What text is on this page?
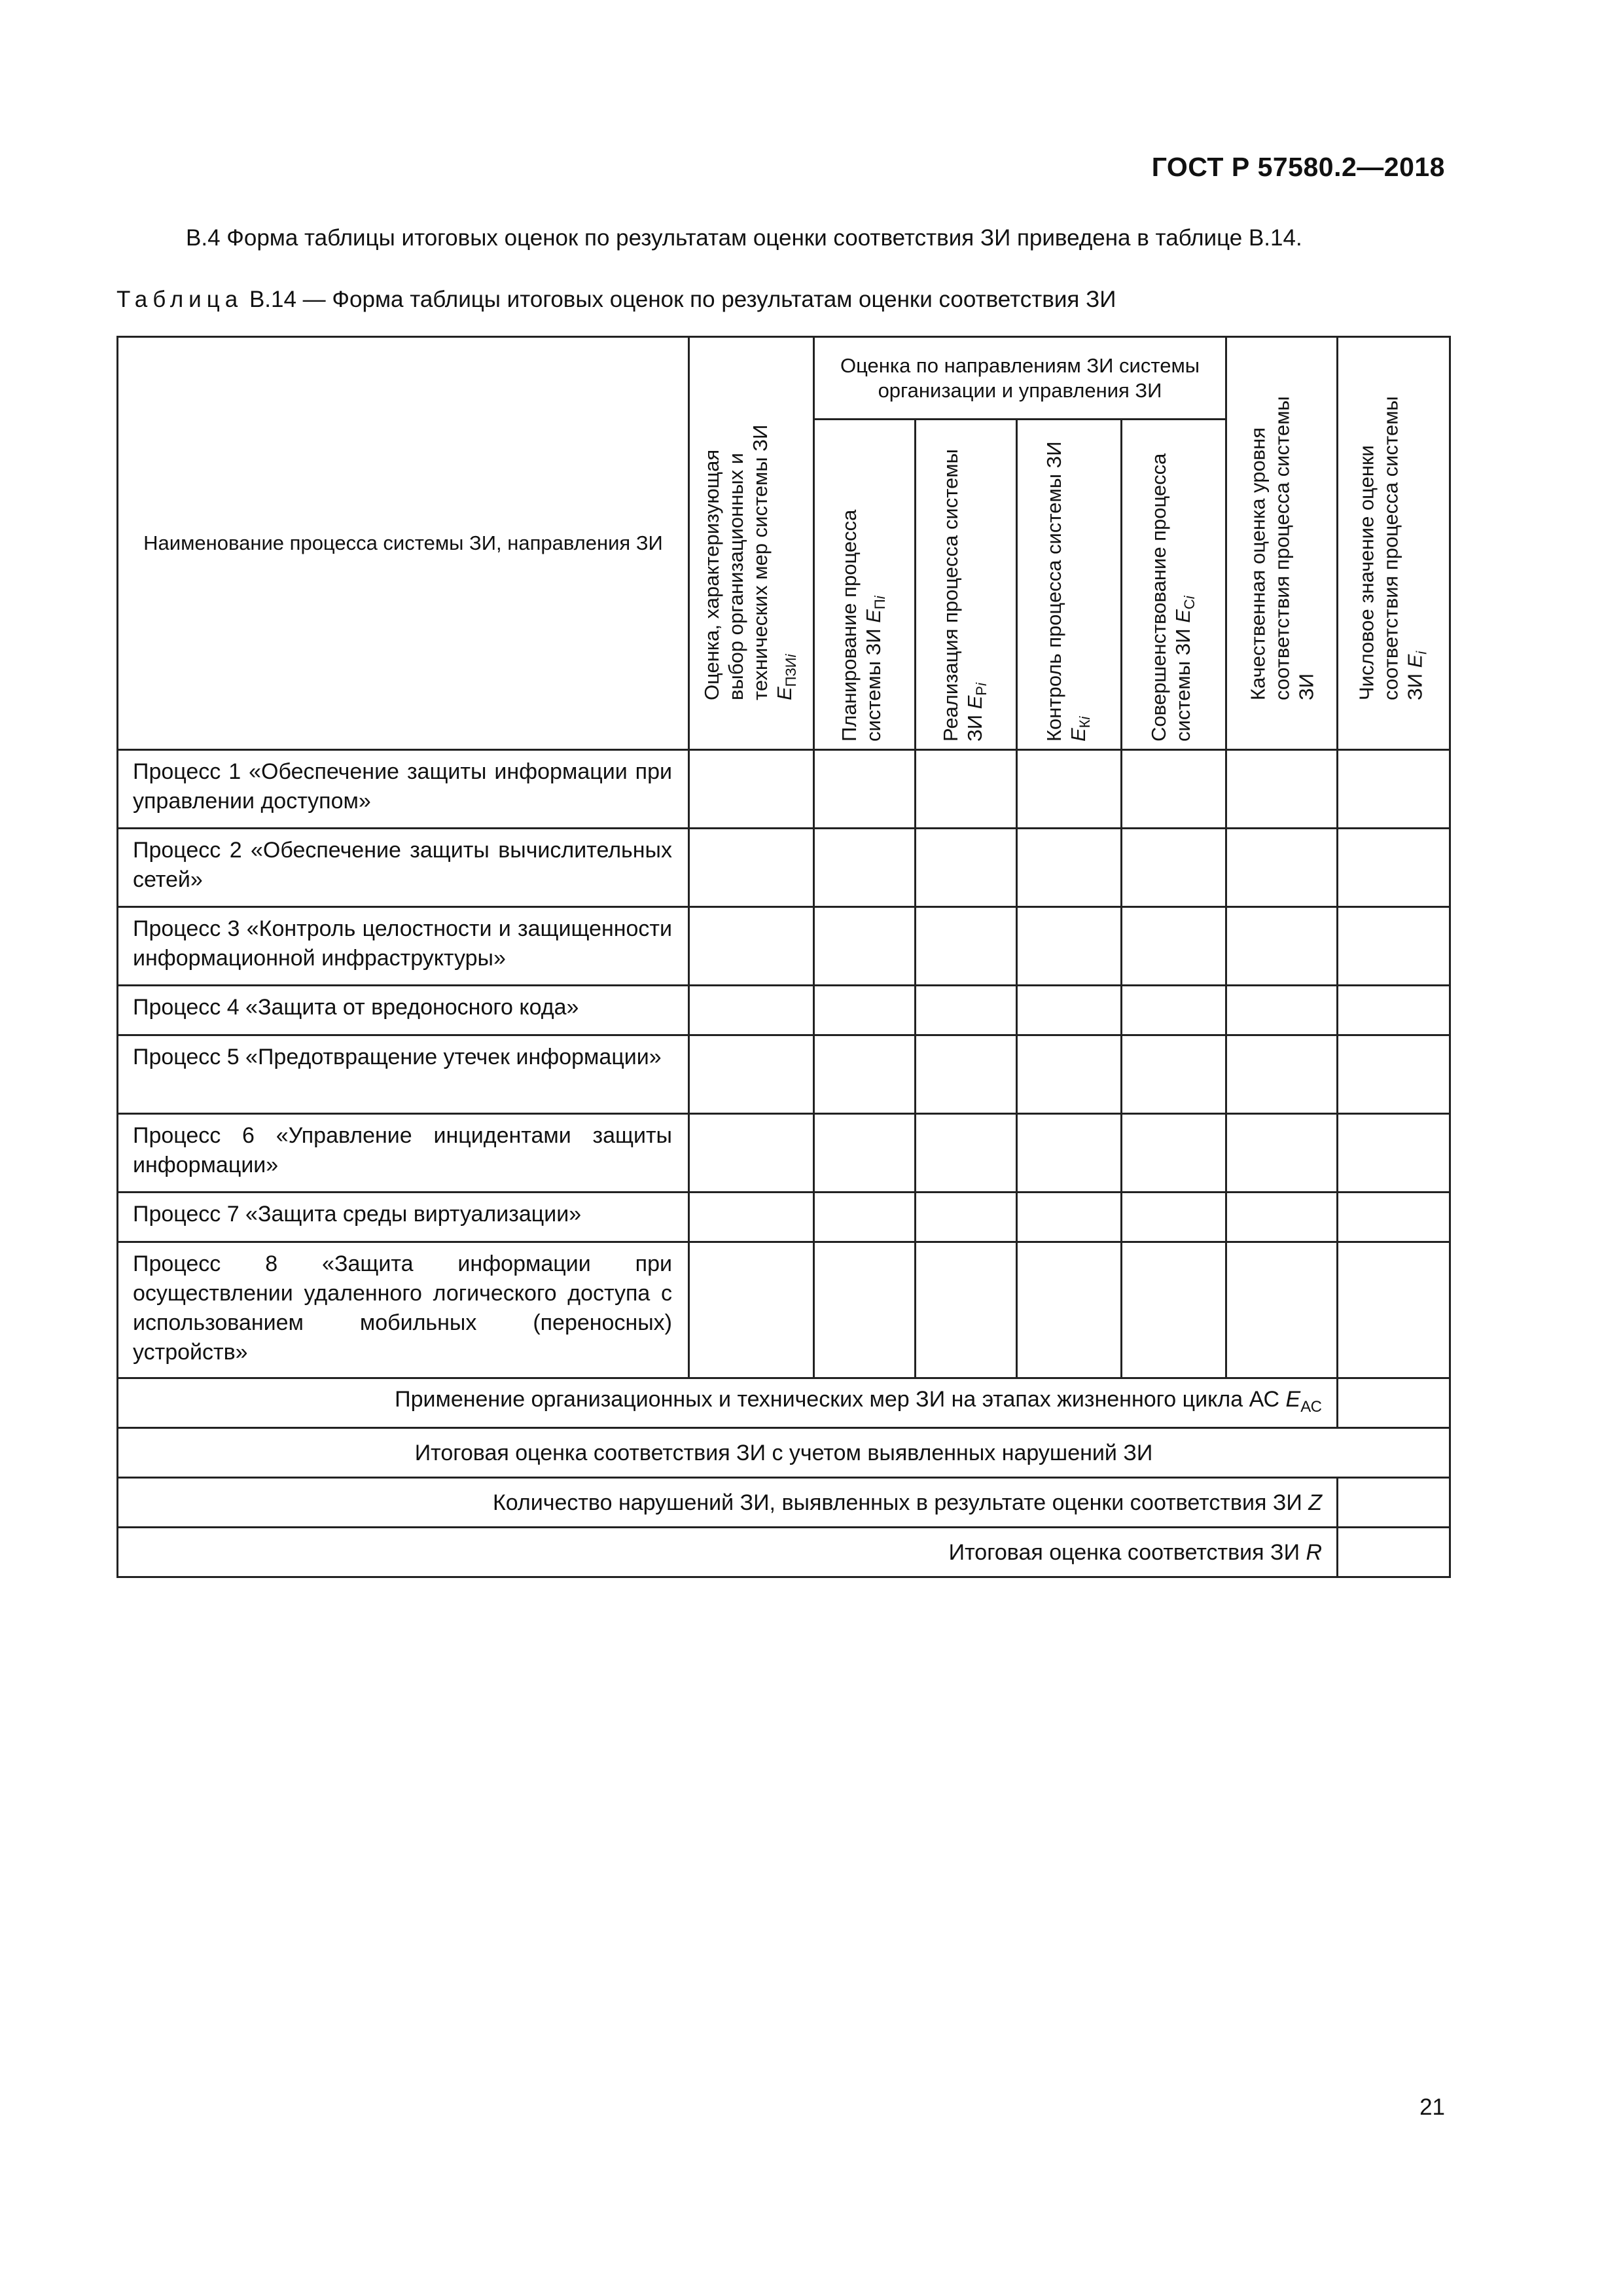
ГОСТ Р 57580.2—2018
В.4 Форма таблицы итоговых оценок по результатам оценки соответствия ЗИ приведена в таблице В.14.
Таблица В.14 — Форма таблицы итоговых оценок по результатам оценки соответствия ЗИ
Наименование процесса системы ЗИ, направления ЗИ	Оценка, характеризующая выбор организационных и технических мер системы ЗИ $E_{ПЗИi}$	Оценка по направлениям ЗИ системы организации и управления ЗИ				Качественная оценка уровня соответствия процесса системы ЗИ	Числовое значение оценки соответствия процесса системы ЗИ $E_i$

		Планирование процесса системы ЗИ $E_{Пi}$	Реализация процесса системы ЗИ $E_{Рi}$	Контроль процесса системы ЗИ $E_{Кi}$	Совершенствование процесса системы ЗИ $E_{Сi}$

Процесс 1 «Обеспечение защиты информации при управлении доступом»							
Процесс 2 «Обеспечение защиты вычислительных сетей»							
Процесс 3 «Контроль целостности и защищенности информационной инфраструктуры»							
Процесс 4 «Защита от вредоносного кода»							
Процесс 5 «Предотвращение утечек информации»							
Процесс 6 «Управление инцидентами защиты информации»							
Процесс 7 «Защита среды виртуализации»							
Процесс 8 «Защита информации при осуществлении удаленного логического доступа с использованием мобильных (переносных) устройств»							
Применение организационных и технических мер ЗИ на этапах жизненного цикла АС $E_{АС}$	
Итоговая оценка соответствия ЗИ с учетом выявленных нарушений ЗИ							
Количество нарушений ЗИ, выявленных в результате оценки соответствия ЗИ Z							
Итоговая оценка соответствия ЗИ R							
21
